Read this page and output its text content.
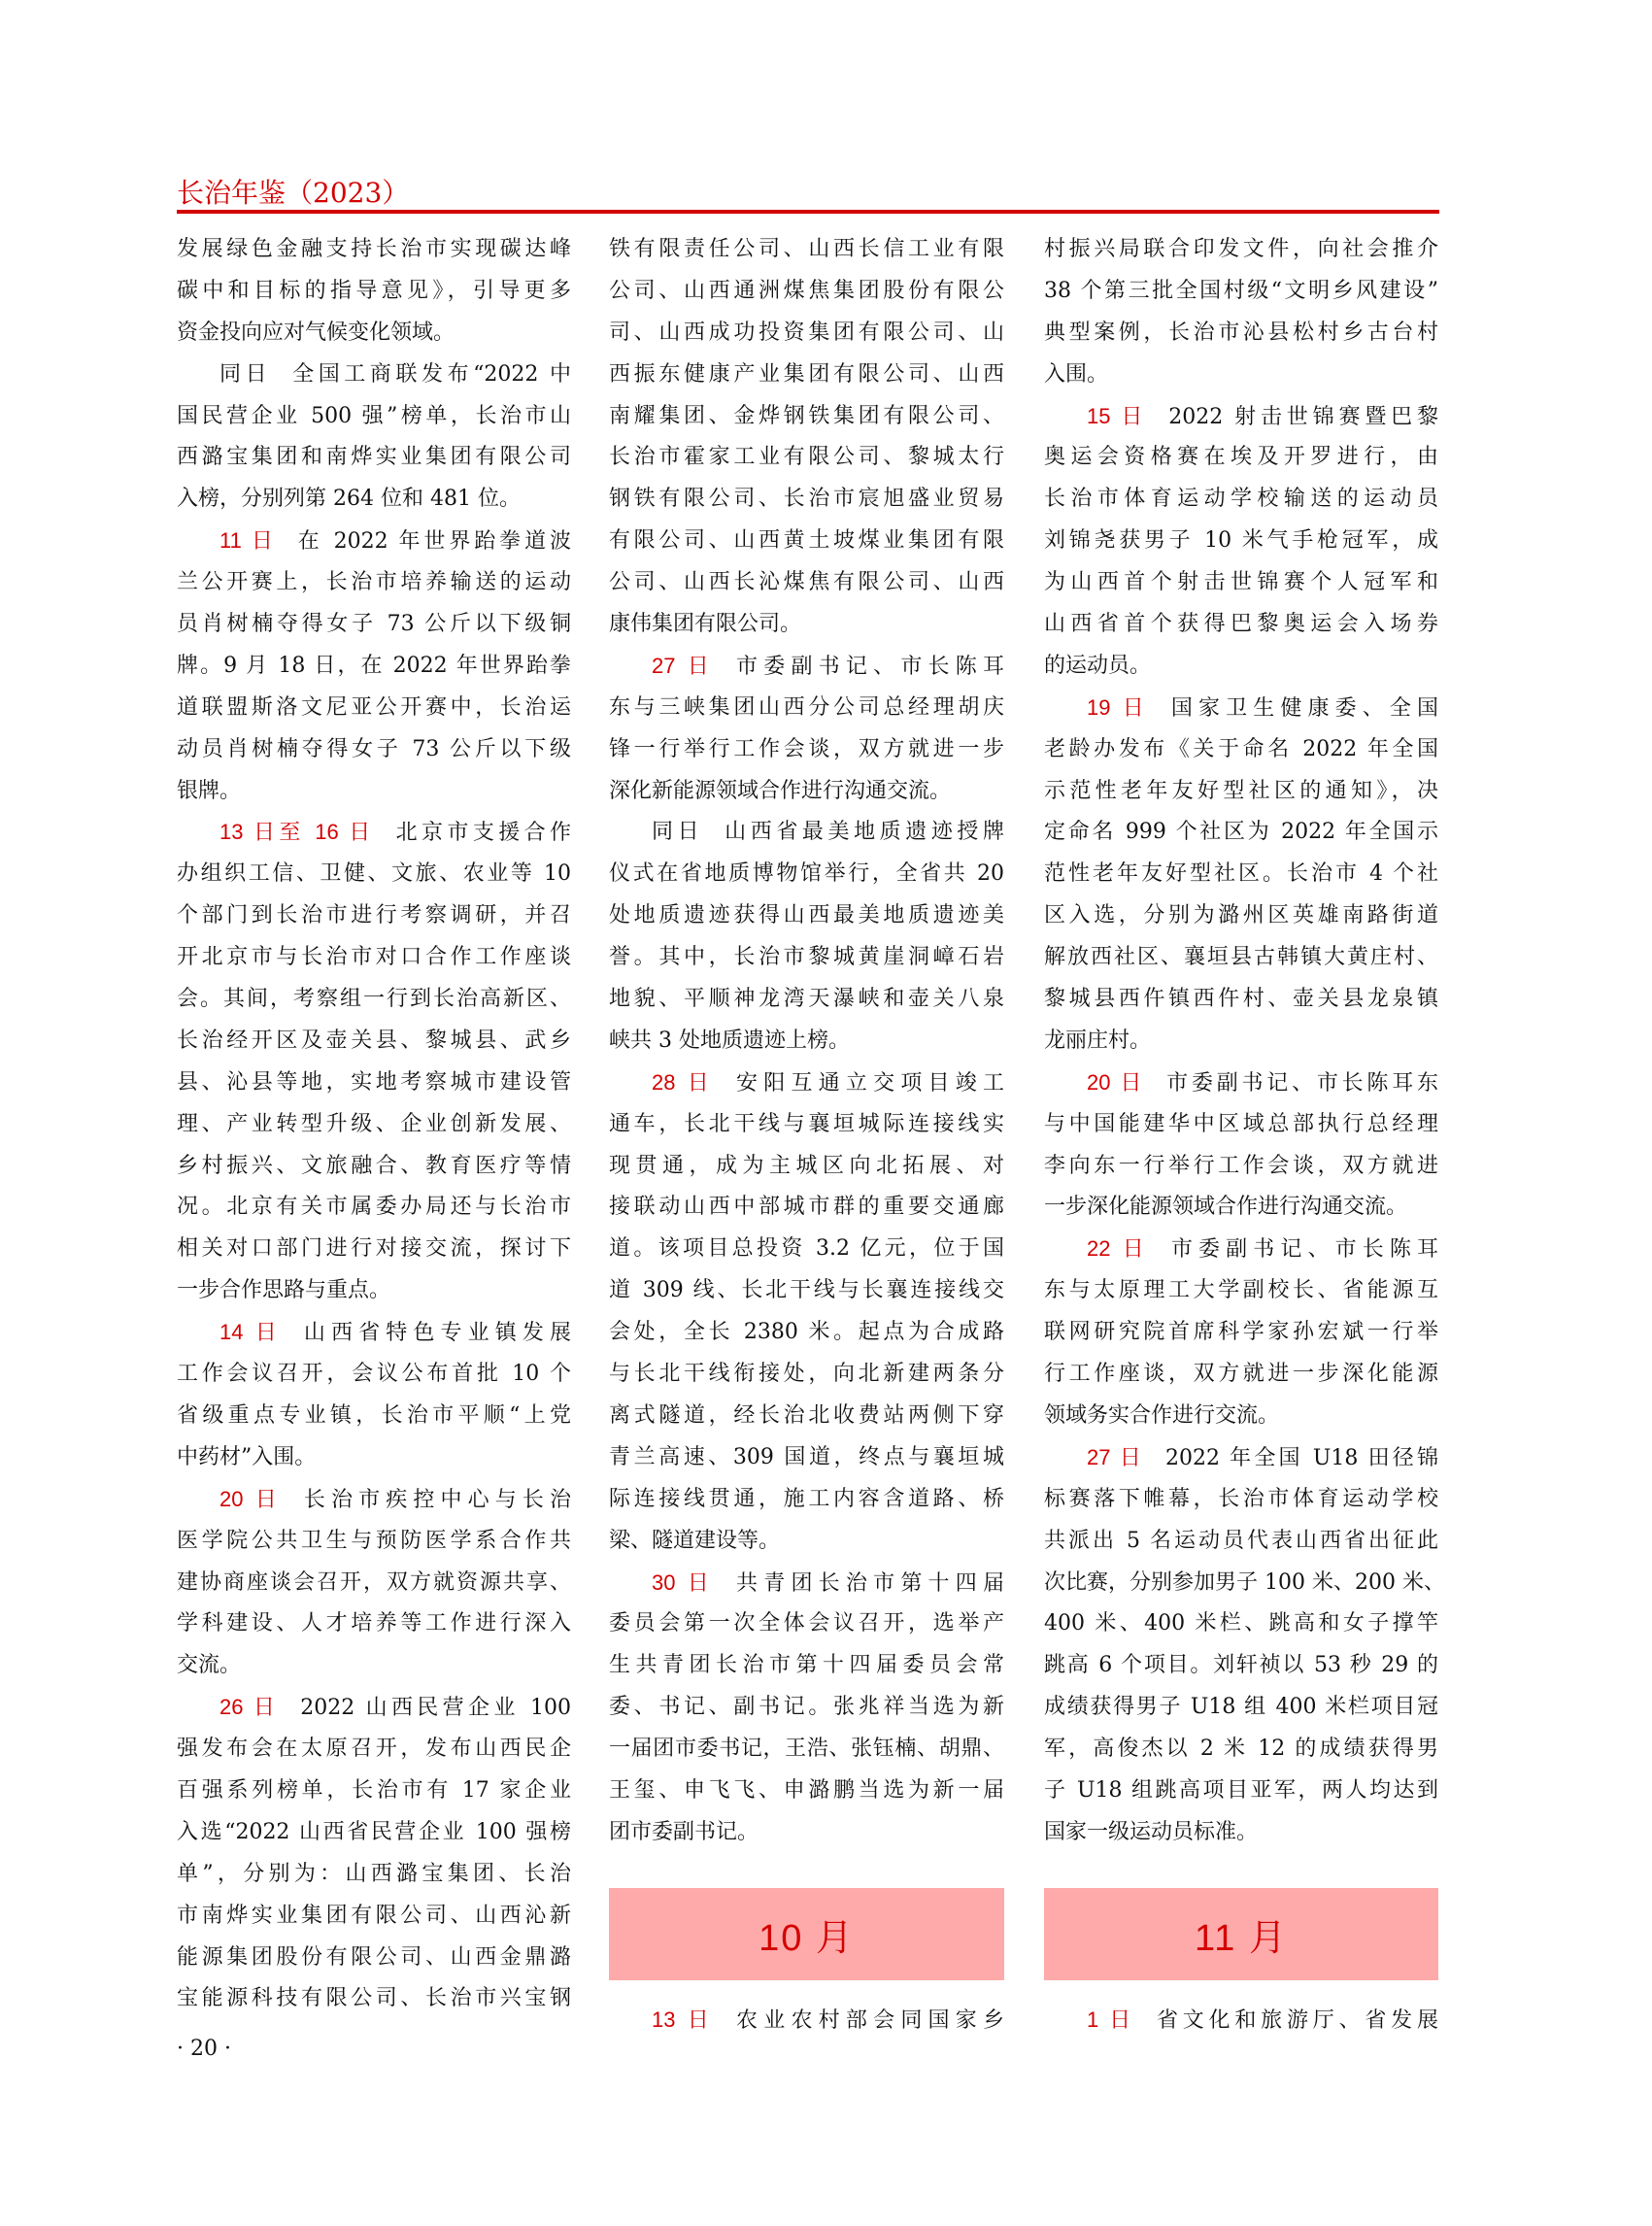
长治年鉴（2023）
发展绿色金融支持长治市实现碳达峰
碳中和目标的指导意见》，引导更多
资金投向应对气候变化领域。
同日 全国工商联发布“2022 中
国民营企业 500 强”榜单，长治市山
西潞宝集团和南烨实业集团有限公司
入榜，分别列第 264 位和 481 位。
11 日 在 2022 年世界跆拳道波
兰公开赛上，长治市培养输送的运动
员肖树楠夺得女子 73 公斤以下级铜
牌。9 月 18 日，在 2022 年世界跆拳
道联盟斯洛文尼亚公开赛中，长治运
动员肖树楠夺得女子 73 公斤以下级
银牌。
13 日至 16 日 北京市支援合作
办组织工信、卫健、文旅、农业等 10
个部门到长治市进行考察调研，并召
开北京市与长治市对口合作工作座谈
会。其间，考察组一行到长治高新区、
长治经开区及壶关县、黎城县、武乡
县、沁县等地，实地考察城市建设管
理、产业转型升级、企业创新发展、
乡村振兴、文旅融合、教育医疗等情
况。北京有关市属委办局还与长治市
相关对口部门进行对接交流，探讨下
一步合作思路与重点。
14 日 山西省特色专业镇发展
工作会议召开，会议公布首批 10 个
省级重点专业镇，长治市平顺“上党
中药材”入围。
20 日 长治市疾控中心与长治
医学院公共卫生与预防医学系合作共
建协商座谈会召开，双方就资源共享、
学科建设、人才培养等工作进行深入
交流。
26 日 2022 山西民营企业 100
强发布会在太原召开，发布山西民企
百强系列榜单，长治市有 17 家企业
入选“2022 山西省民营企业 100 强榜
单”，分别为：山西潞宝集团、长治
市南烨实业集团有限公司、山西沁新
能源集团股份有限公司、山西金鼎潞
宝能源科技有限公司、长治市兴宝钢
铁有限责任公司、山西长信工业有限
公司、山西通洲煤焦集团股份有限公
司、山西成功投资集团有限公司、山
西振东健康产业集团有限公司、山西
南耀集团、金烨钢铁集团有限公司、
长治市霍家工业有限公司、黎城太行
钢铁有限公司、长治市宸旭盛业贸易
有限公司、山西黄土坡煤业集团有限
公司、山西长沁煤焦有限公司、山西
康伟集团有限公司。
27 日 市委副书记、市长陈耳
东与三峡集团山西分公司总经理胡庆
锋一行举行工作会谈，双方就进一步
深化新能源领域合作进行沟通交流。
同日 山西省最美地质遗迹授牌
仪式在省地质博物馆举行，全省共 20
处地质遗迹获得山西最美地质遗迹美
誉。其中，长治市黎城黄崖洞嶂石岩
地貌、平顺神龙湾天瀑峡和壶关八泉
峡共 3 处地质遗迹上榜。
28 日 安阳互通立交项目竣工
通车，长北干线与襄垣城际连接线实
现贯通，成为主城区向北拓展、对
接联动山西中部城市群的重要交通廊
道。该项目总投资 3.2 亿元，位于国
道 309 线、长北干线与长襄连接线交
会处，全长 2380 米。起点为合成路
与长北干线衔接处，向北新建两条分
离式隧道，经长治北收费站两侧下穿
青兰高速、309 国道，终点与襄垣城
际连接线贯通，施工内容含道路、桥
梁、隧道建设等。
30 日 共青团长治市第十四届
委员会第一次全体会议召开，选举产
生共青团长治市第十四届委员会常
委、书记、副书记。张兆祥当选为新
一届团市委书记，王浩、张钰楠、胡鼎、
王玺、申飞飞、申潞鹏当选为新一届
团市委副书记。
10 月
13 日 农业农村部会同国家乡
村振兴局联合印发文件，向社会推介
38 个第三批全国村级“文明乡风建设”
典型案例，长治市沁县松村乡古台村
入围。
15 日 2022 射击世锦赛暨巴黎
奥运会资格赛在埃及开罗进行，由
长治市体育运动学校输送的运动员
刘锦尧获男子 10 米气手枪冠军，成
为山西首个射击世锦赛个人冠军和
山西省首个获得巴黎奥运会入场券
的运动员。
19 日 国家卫生健康委、全国
老龄办发布《关于命名 2022 年全国
示范性老年友好型社区的通知》，决
定命名 999 个社区为 2022 年全国示
范性老年友好型社区。长治市 4 个社
区入选，分别为潞州区英雄南路街道
解放西社区、襄垣县古韩镇大黄庄村、
黎城县西仵镇西仵村、壶关县龙泉镇
龙丽庄村。
20 日 市委副书记、市长陈耳东
与中国能建华中区域总部执行总经理
李向东一行举行工作会谈，双方就进
一步深化能源领域合作进行沟通交流。
22 日 市委副书记、市长陈耳
东与太原理工大学副校长、省能源互
联网研究院首席科学家孙宏斌一行举
行工作座谈，双方就进一步深化能源
领域务实合作进行交流。
27 日 2022 年全国 U18 田径锦
标赛落下帷幕，长治市体育运动学校
共派出 5 名运动员代表山西省出征此
次比赛，分别参加男子 100 米、200 米、
400 米、400 米栏、跳高和女子撑竿
跳高 6 个项目。刘轩祯以 53 秒 29 的
成绩获得男子 U18 组 400 米栏项目冠
军，高俊杰以 2 米 12 的成绩获得男
子 U18 组跳高项目亚军，两人均达到
国家一级运动员标准。
11 月
1 日 省文化和旅游厅、省发展
· 20 ·
